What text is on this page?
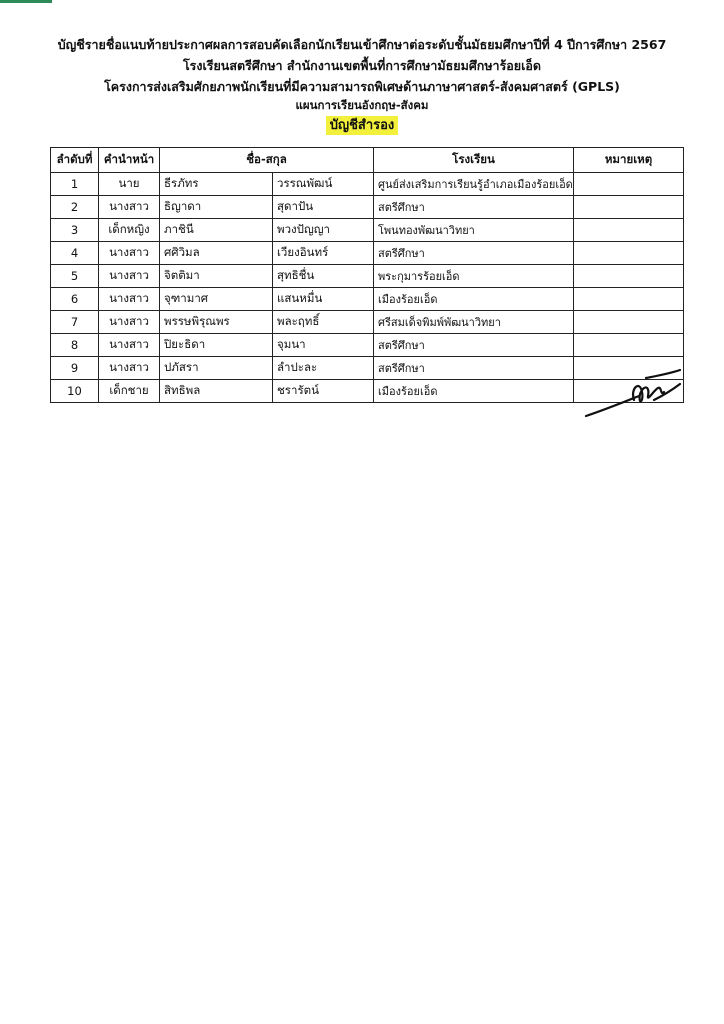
บัญชีรายชื่อแนบท้ายประกาศผลการสอบคัดเลือกนักเรียนเข้าศึกษาต่อระดับชั้นมัธยมศึกษาปีที่ 4 ปีการศึกษา 2567
โรงเรียนสตรีศึกษา สำนักงานเขตพื้นที่การศึกษามัธยมศึกษาร้อยเอ็ด
โครงการส่งเสริมศักยภาพนักเรียนที่มีความสามารถพิเศษด้านภาษาศาสตร์-สังคมศาสตร์ (GPLS)
แผนการเรียนอังกฤษ-สังคม
บัญชีสำรอง
ลำดับที่	คำนำหน้า	ชื่อ-สกุล		โรงเรียน	หมายเหตุ
1	นาย	ธีรภัทร	วรรณพัฒน์	ศูนย์ส่งเสริมการเรียนรู้อำเภอเมืองร้อยเอ็ด	
2	นางสาว	ธิญาดา	สุดาปัน	สตรีศึกษา	
3	เด็กหญิง	ภาชินี	พวงปัญญา	โพนทองพัฒนาวิทยา	
4	นางสาว	ศศิวิมล	เวียงอินทร์	สตรีศึกษา	
5	นางสาว	จิตติมา	สุทธิชื่น	พระกุมารร้อยเอ็ด	
6	นางสาว	จุฑามาศ	แสนหมื่น	เมืองร้อยเอ็ด	
7	นางสาว	พรรษพิรุณพร	พละฤทธิ์	ศรีสมเด็จพิมพ์พัฒนาวิทยา	
8	นางสาว	ปิยะธิดา	จุมนา	สตรีศึกษา	
9	นางสาว	ปภัสรา	ลำปะละ	สตรีศึกษา	
10	เด็กชาย	สิทธิพล	ชรารัตน์	เมืองร้อยเอ็ด	
